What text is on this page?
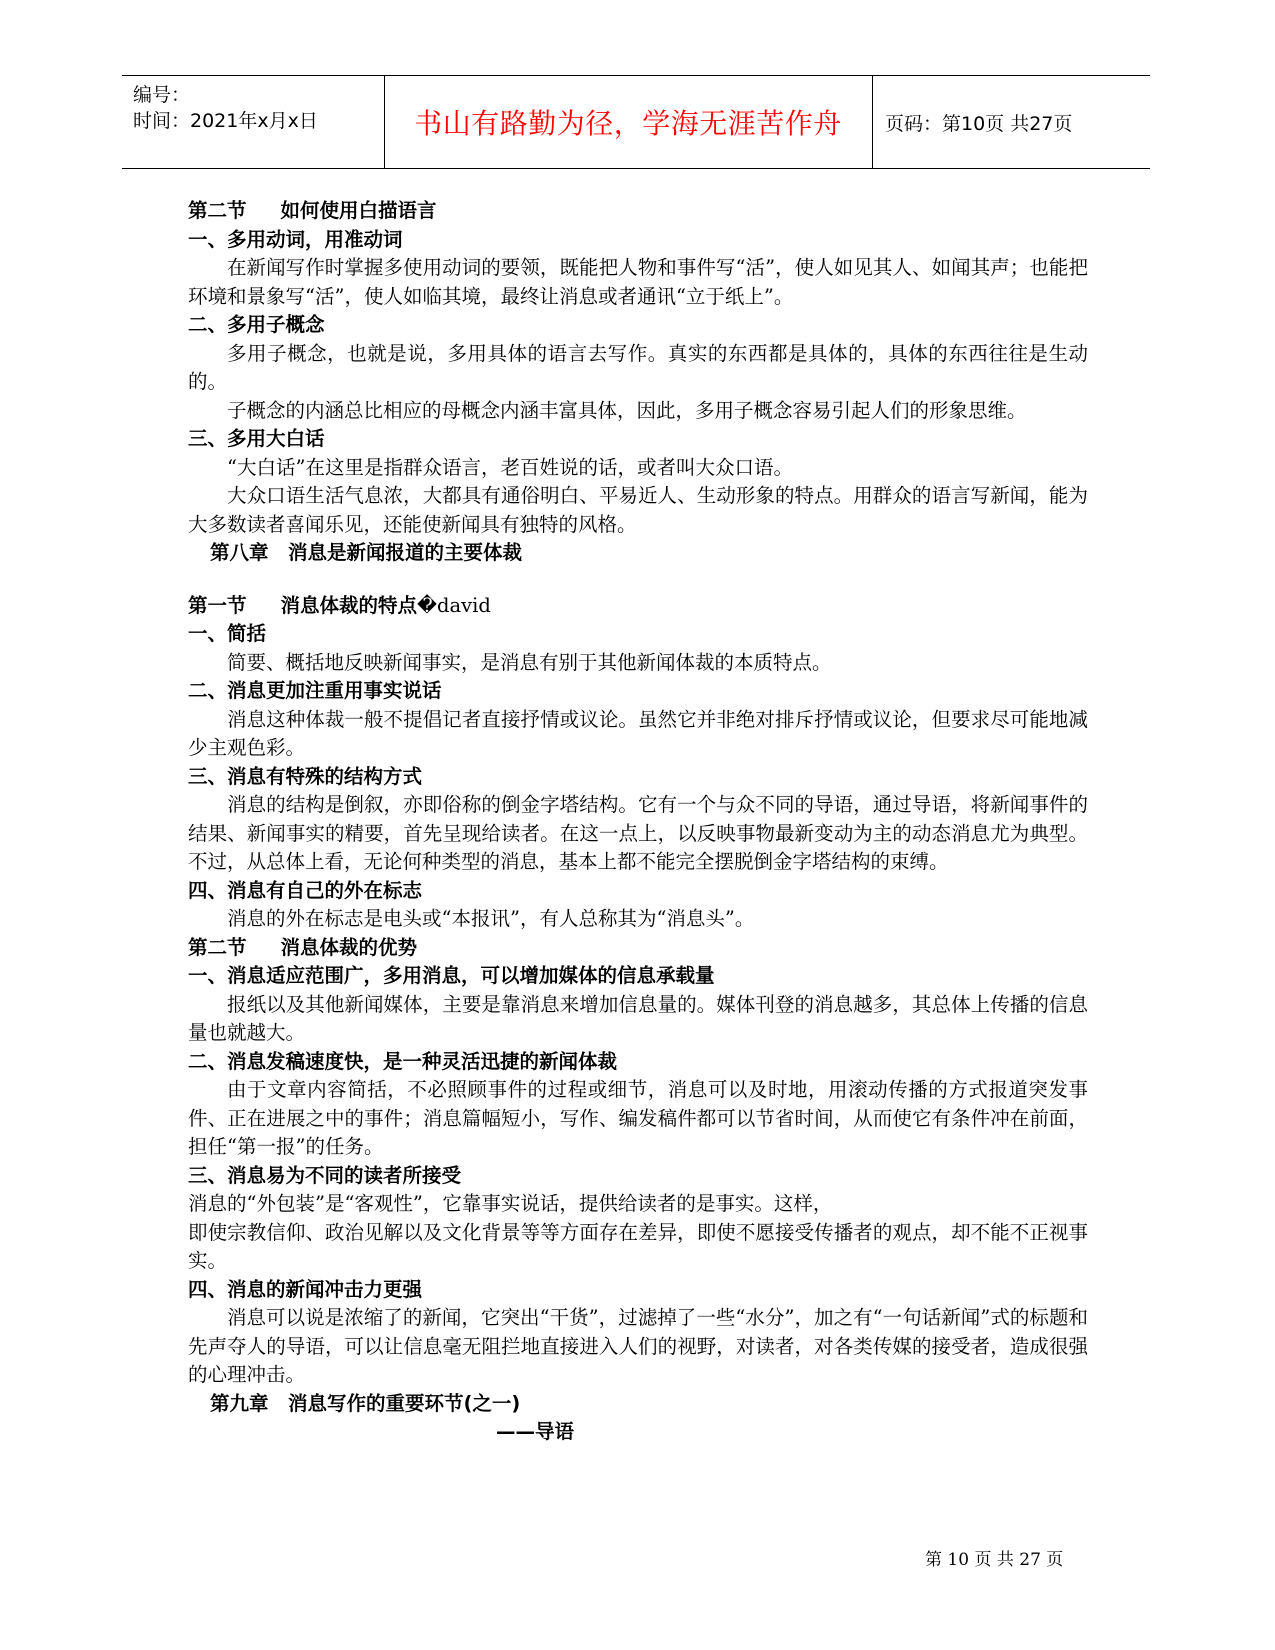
编号：
时间：2021年x月x日	书山有路勤为径，学海无涯苦作舟	页码：第10页 共27页
第二节 如何使用白描语言
一、多用动词，用准动词
在新闻写作时掌握多使用动词的要领，既能把人物和事件写“活”，使人如见其人、如闻其声；也能把环境和景象写“活”，使人如临其境，最终让消息或者通讯“立于纸上”。
二、多用子概念
多用子概念，也就是说，多用具体的语言去写作。真实的东西都是具体的，具体的东西往往是生动的。
子概念的内涵总比相应的母概念内涵丰富具体，因此，多用子概念容易引起人们的形象思维。
三、多用大白话
“大白话”在这里是指群众语言，老百姓说的话，或者叫大众口语。
大众口语生活气息浓，大都具有通俗明白、平易近人、生动形象的特点。用群众的语言写新闻，能为大多数读者喜闻乐见，还能使新闻具有独特的风格。
第八章　消息是新闻报道的主要体裁
第一节 消息体裁的特点�david
一、简括
简要、概括地反映新闻事实，是消息有别于其他新闻体裁的本质特点。
二、消息更加注重用事实说话
消息这种体裁一般不提倡记者直接抒情或议论。虽然它并非绝对排斥抒情或议论，但要求尽可能地减少主观色彩。
三、消息有特殊的结构方式
消息的结构是倒叙，亦即俗称的倒金字塔结构。它有一个与众不同的导语，通过导语，将新闻事件的结果、新闻事实的精要，首先呈现给读者。在这一点上，以反映事物最新变动为主的动态消息尤为典型。不过，从总体上看，无论何种类型的消息，基本上都不能完全摆脱倒金字塔结构的束缚。
四、消息有自己的外在标志
消息的外在标志是电头或“本报讯”，有人总称其为“消息头”。
第二节 消息体裁的优势
一、消息适应范围广，多用消息，可以增加媒体的信息承载量
报纸以及其他新闻媒体，主要是靠消息来增加信息量的。媒体刊登的消息越多，其总体上传播的信息量也就越大。
二、消息发稿速度快，是一种灵活迅捷的新闻体裁
由于文章内容简括，不必照顾事件的过程或细节，消息可以及时地，用滚动传播的方式报道突发事件、正在进展之中的事件；消息篇幅短小，写作、编发稿件都可以节省时间，从而使它有条件冲在前面，担任“第一报”的任务。
三、消息易为不同的读者所接受
消息的“外包装”是“客观性”，它靠事实说话，提供给读者的是事实。这样，
即使宗教信仰、政治见解以及文化背景等等方面存在差异，即使不愿接受传播者的观点，却不能不正视事实。
四、消息的新闻冲击力更强
消息可以说是浓缩了的新闻，它突出“干货”，过滤掉了一些“水分”，加之有“一句话新闻”式的标题和先声夺人的导语，可以让信息毫无阻拦地直接进入人们的视野，对读者，对各类传媒的接受者，造成很强的心理冲击。
第九章　消息写作的重要环节(之一)
——导语
第 10 页 共 27 页
